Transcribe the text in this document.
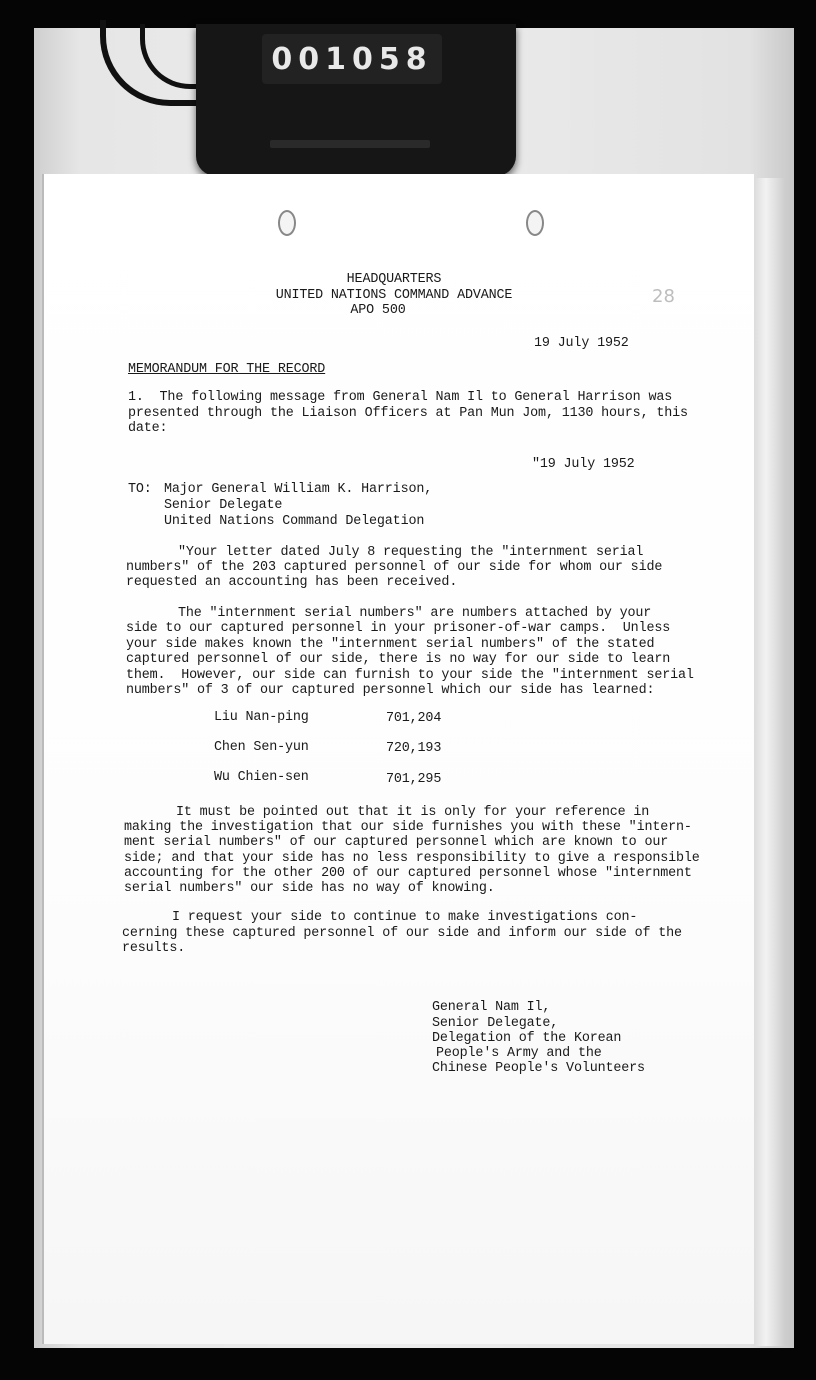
001058
28
HEADQUARTERS
UNITED NATIONS COMMAND ADVANCE
APO 500
19 July 1952
MEMORANDUM FOR THE RECORD
1.  The following message from General Nam Il to General Harrison was
presented through the Liaison Officers at Pan Mun Jom, 1130 hours, this
date:
"19 July 1952
TO: Major General William K. Harrison,
Senior Delegate
United Nations Command Delegation
"Your letter dated July 8 requesting the "internment serial
numbers" of the 203 captured personnel of our side for whom our side
requested an accounting has been received.
The "internment serial numbers" are numbers attached by your
side to our captured personnel in your prisoner-of-war camps.  Unless
your side makes known the "internment serial numbers" of the stated
captured personnel of our side, there is no way for our side to learn
them.  However, our side can furnish to your side the "internment serial
numbers" of 3 of our captured personnel which our side has learned:
Liu Nan-ping	701,204
Chen Sen-yun	720,193
Wu Chien-sen	701,295
It must be pointed out that it is only for your reference in
making the investigation that our side furnishes you with these "intern-
ment serial numbers" of our captured personnel which are known to our
side; and that your side has no less responsibility to give a responsible
accounting for the other 200 of our captured personnel whose "internment
serial numbers" our side has no way of knowing.
I request your side to continue to make investigations con-
cerning these captured personnel of our side and inform our side of the
results.
General Nam Il,
Senior Delegate,
Delegation of the Korean
People's Army and the
Chinese People's Volunteers
